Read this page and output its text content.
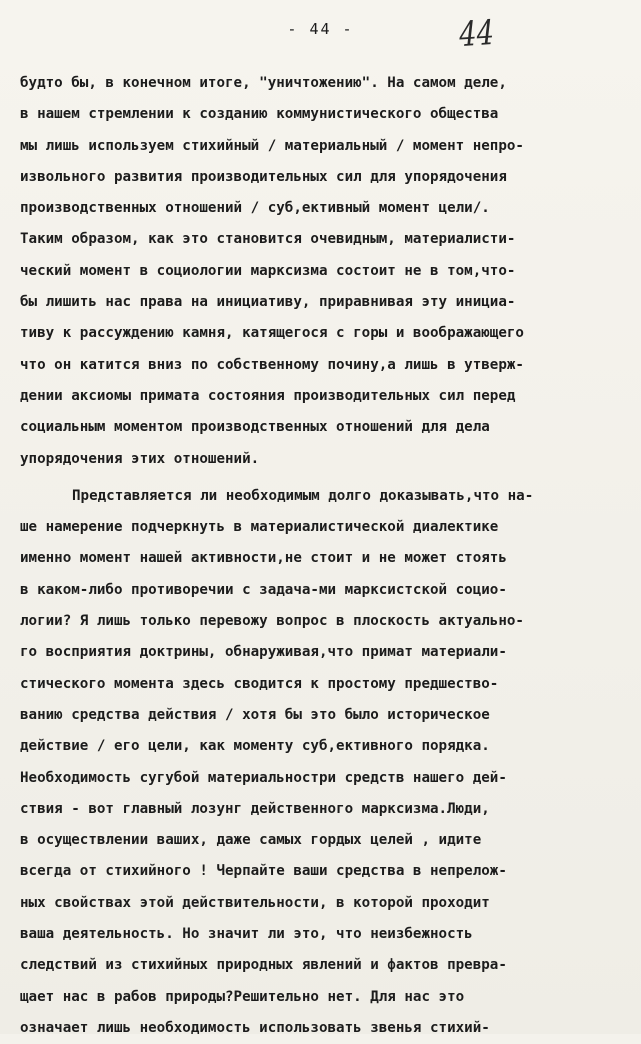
- 44 -	44
будто бы, в конечном итоге, "уничтожению". На самом деле,
в нашем стремлении к созданию коммунистического общества
мы лишь используем стихийный / материальный / момент непро-
извольного развития производительных сил для упорядочения
производственных отношений / суб,ективный момент цели/.
Таким образом, как это становится очевидным, материалисти-
ческий момент в социологии марксизма состоит не в том,что-
бы лишить нас права на инициативу, приравнивая эту инициа-
тиву к рассуждению камня, катящегося с горы и воображающего
что он катится вниз по собственному почину,а лишь в утверж-
дении аксиомы примата состояния производительных сил перед
социальным моментом производственных отношений для дела
упорядочения этих отношений.
Представляется ли необходимым долго доказывать,что на-
ше намерение подчеркнуть в материалистической диалектике
именно момент нашей активности,не стоит и не может стоять
в каком-либо противоречии с задача-ми марксистской социо-
логии? Я лишь только перевожу вопрос в плоскость актуально-
го восприятия доктрины, обнаруживая,что примат материали-
стического момента здесь сводится к простому предшество-
ванию средства действия / хотя бы это было историческое
действие / его цели, как моменту суб,ективного порядка.
Необходимость сугубой материальностри средств нашего дей-
ствия - вот главный лозунг действенного марксизма.Люди,
в осуществлении ваших, даже самых гордых целей , идите
всегда от стихийного ! Черпайте ваши средства в непрелож-
ных свойствах этой действительности, в которой проходит
ваша деятельность. Но значит ли это, что неизбежность
следствий из стихийных природных явлений и фактов превра-
щает нас в рабов природы?Решительно нет. Для нас это
означает лишь необходимость использовать звенья стихий-
